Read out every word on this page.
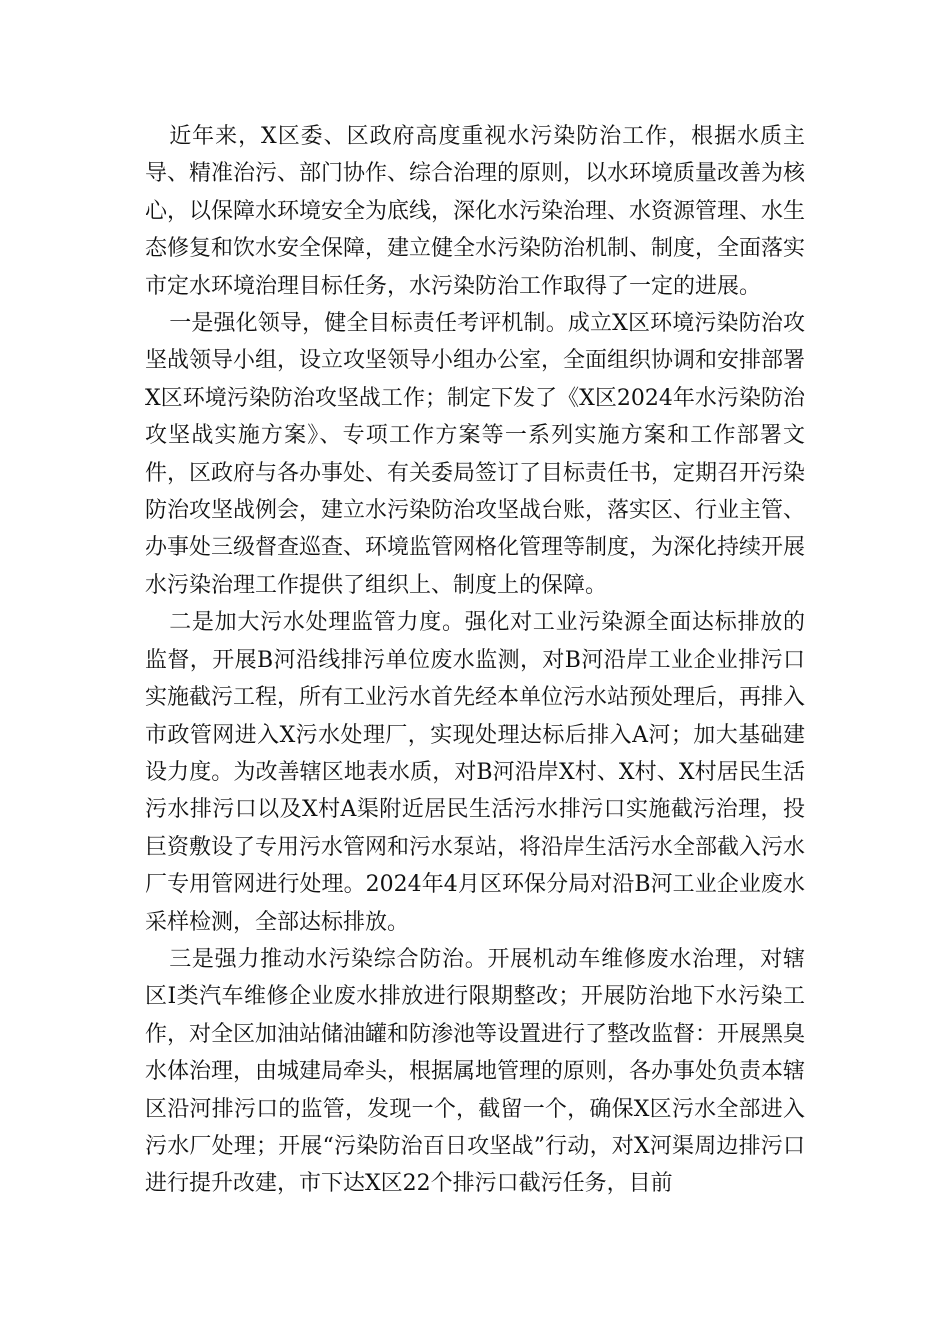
近年来，X区委、区政府高度重视水污染防治工作，根据水质主导、精准治污、部门协作、综合治理的原则，以水环境质量改善为核心，以保障水环境安全为底线，深化水污染治理、水资源管理、水生态修复和饮水安全保障，建立健全水污染防治机制、制度，全面落实市定水环境治理目标任务，水污染防治工作取得了一定的进展。

一是强化领导，健全目标责任考评机制。成立X区环境污染防治攻坚战领导小组，设立攻坚领导小组办公室，全面组织协调和安排部署X区环境污染防治攻坚战工作；制定下发了《X区2024年水污染防治攻坚战实施方案》、专项工作方案等一系列实施方案和工作部署文件，区政府与各办事处、有关委局签订了目标责任书，定期召开污染防治攻坚战例会，建立水污染防治攻坚战台账，落实区、行业主管、办事处三级督查巡查、环境监管网格化管理等制度，为深化持续开展水污染治理工作提供了组织上、制度上的保障。

二是加大污水处理监管力度。强化对工业污染源全面达标排放的监督，开展B河沿线排污单位废水监测，对B河沿岸工业企业排污口实施截污工程，所有工业污水首先经本单位污水站预处理后，再排入市政管网进入X污水处理厂，实现处理达标后排入A河；加大基础建设力度。为改善辖区地表水质，对B河沿岸X村、X村、X村居民生活污水排污口以及X村A渠附近居民生活污水排污口实施截污治理，投巨资敷设了专用污水管网和污水泵站，将沿岸生活污水全部截入污水厂专用管网进行处理。2024年4月区环保分局对沿B河工业企业废水采样检测，全部达标排放。

三是强力推动水污染综合防治。开展机动车维修废水治理，对辖区I类汽车维修企业废水排放进行限期整改；开展防治地下水污染工作，对全区加油站储油罐和防渗池等设置进行了整改监督：开展黑臭水体治理，由城建局牵头，根据属地管理的原则，各办事处负责本辖区沿河排污口的监管，发现一个，截留一个，确保X区污水全部进入污水厂处理；开展“污染防治百日攻坚战”行动，对X河渠周边排污口进行提升改建，市下达X区22个排污口截污任务，目前
